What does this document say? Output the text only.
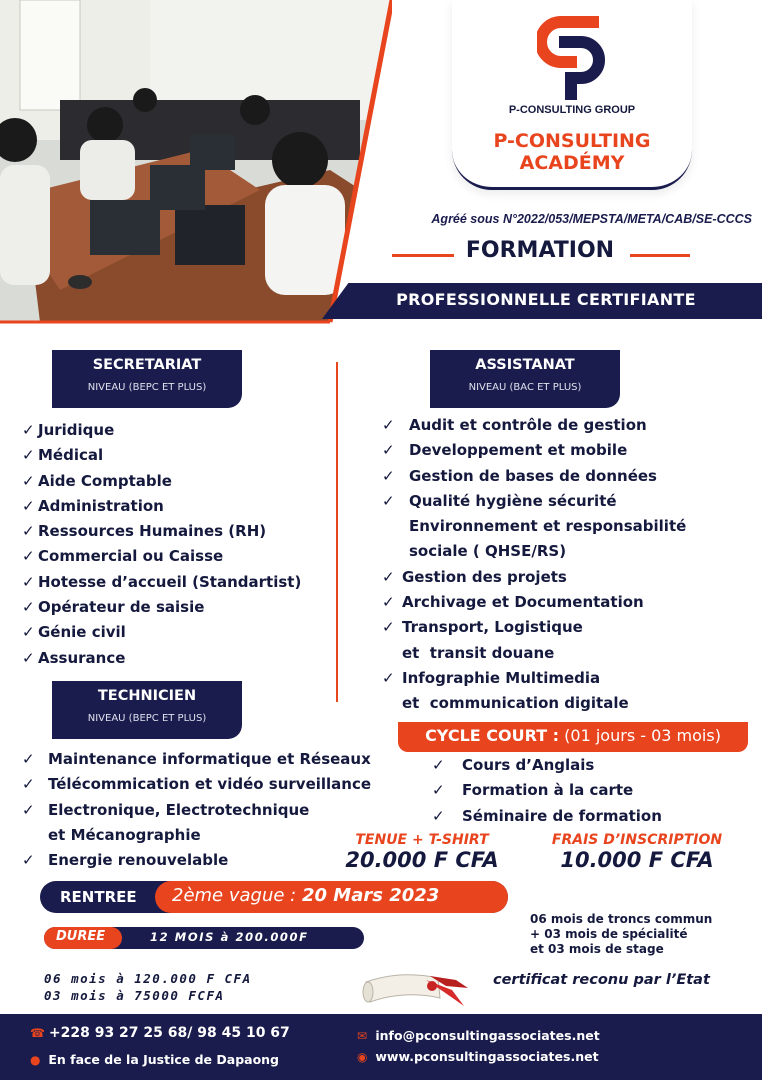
P-CONSULTING GROUP
P-CONSULTING
ACADÉMY
Agréé sous N°2022/053/MEPSTA/META/CAB/SE-CCCS
FORMATION
PROFESSIONNELLE CERTIFIANTE
SECRETARIAT
NIVEAU (BEPC ET PLUS)
✓ Juridique
✓ Médical
✓ Aide Comptable
✓ Administration
✓ Ressources Humaines (RH)
✓ Commercial ou Caisse
✓ Hotesse d’accueil (Standartist)
✓ Opérateur de saisie
✓ Génie civil
✓ Assurance
TECHNICIEN
NIVEAU (BEPC ET PLUS)
✓ Maintenance informatique et Réseaux
✓ Télécommication et vidéo surveillance
✓ Electronique, Electrotechnique
et Mécanographie
✓ Energie renouvelable
ASSISTANAT
NIVEAU (BAC ET PLUS)
✓ Audit et contrôle de gestion
✓ Developpement et mobile
✓ Gestion de bases de données
✓ Qualité hygiène sécurité
Environnement et responsabilité
sociale ( QHSE/RS)
✓ Gestion des projets
✓ Archivage et Documentation
✓ Transport, Logistique
et  transit douane
✓ Infographie Multimedia
et  communication digitale
CYCLE COURT : (01 jours - 03 mois)
✓ Cours d’Anglais
✓ Formation à la carte
✓ Séminaire de formation
TENUE + T-SHIRT
20.000 F CFA
FRAIS D’INSCRIPTION
10.000 F CFA
RENTREE 2ème vague : 20 Mars 2023
DUREE	12 MOIS à 200.000F
06 mois de troncs commun
+ 03 mois de spécialité
et 03 mois de stage
06 mois à 120.000 F CFA
03 mois à 75000 FCFA
certificat reconu par l’Etat
☎ +228 93 27 25 68/ 98 45 10 67
● En face de la Justice de Dapaong
✉ info@pconsultingassociates.net
◉ www.pconsultingassociates.net
